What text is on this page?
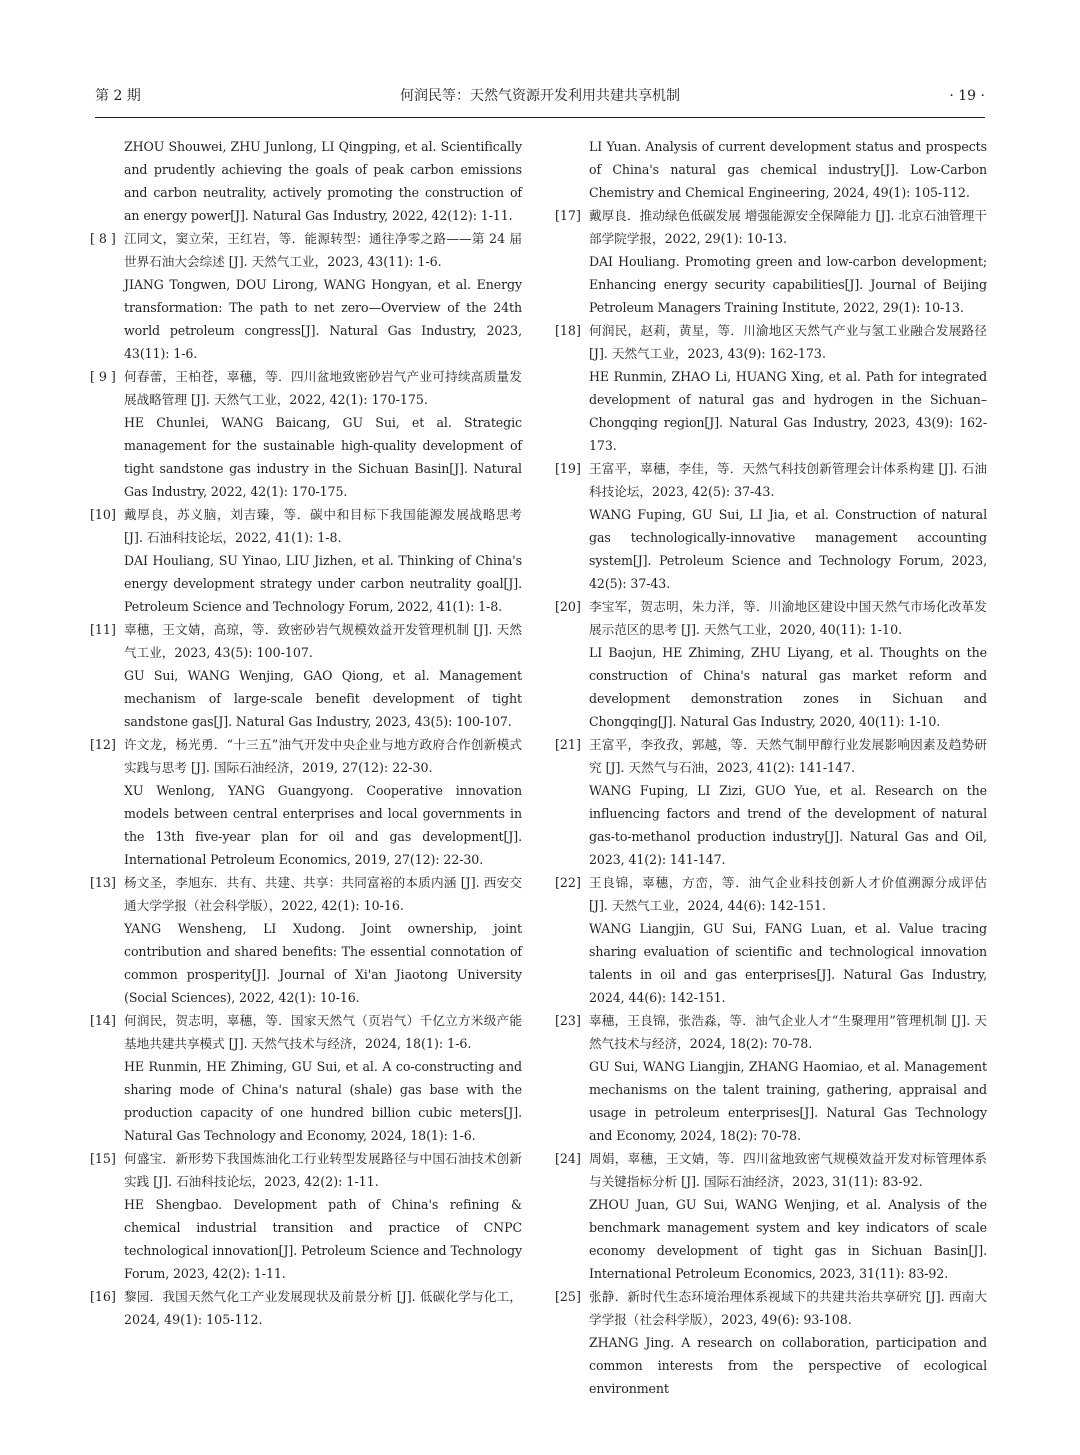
第 2 期	何润民等：天然气资源开发利用共建共享机制	· 19 ·
ZHOU Shouwei, ZHU Junlong, LI Qingping, et al. Scientifically and prudently achieving the goals of peak carbon emissions and carbon neutrality, actively promoting the construction of an energy power[J]. Natural Gas Industry, 2022, 42(12): 1-11.
[ 8 ] 江同文，窦立荣，王红岩，等．能源转型：通往净零之路——第 24 届世界石油大会综述 [J]. 天然气工业，2023, 43(11): 1-6.
JIANG Tongwen, DOU Lirong, WANG Hongyan, et al. Energy transformation: The path to net zero—Overview of the 24th world petroleum congress[J]. Natural Gas Industry, 2023, 43(11): 1-6.
[ 9 ] 何春蕾，王柏苍，辜穗，等．四川盆地致密砂岩气产业可持续高质量发展战略管理 [J]. 天然气工业，2022, 42(1): 170-175.
HE Chunlei, WANG Baicang, GU Sui, et al. Strategic management for the sustainable high-quality development of tight sandstone gas industry in the Sichuan Basin[J]. Natural Gas Industry, 2022, 42(1): 170-175.
[10] 戴厚良，苏义脑，刘吉臻，等．碳中和目标下我国能源发展战略思考 [J]. 石油科技论坛，2022, 41(1): 1-8.
DAI Houliang, SU Yinao, LIU Jizhen, et al. Thinking of China's energy development strategy under carbon neutrality goal[J]. Petroleum Science and Technology Forum, 2022, 41(1): 1-8.
[11] 辜穗，王文婧，高琼，等．致密砂岩气规模效益开发管理机制 [J]. 天然气工业，2023, 43(5): 100-107.
GU Sui, WANG Wenjing, GAO Qiong, et al. Management mechanism of large-scale benefit development of tight sandstone gas[J]. Natural Gas Industry, 2023, 43(5): 100-107.
[12] 许文龙，杨光勇．“十三五”油气开发中央企业与地方政府合作创新模式实践与思考 [J]. 国际石油经济，2019, 27(12): 22-30.
XU Wenlong, YANG Guangyong. Cooperative innovation models between central enterprises and local governments in the 13th five-year plan for oil and gas development[J]. International Petroleum Economics, 2019, 27(12): 22-30.
[13] 杨文圣，李旭东．共有、共建、共享：共同富裕的本质内涵 [J]. 西安交通大学学报（社会科学版），2022, 42(1): 10-16.
YANG Wensheng, LI Xudong. Joint ownership, joint contribution and shared benefits: The essential connotation of common prosperity[J]. Journal of Xi'an Jiaotong University (Social Sciences), 2022, 42(1): 10-16.
[14] 何润民，贺志明，辜穗，等．国家天然气（页岩气）千亿立方米级产能基地共建共享模式 [J]. 天然气技术与经济，2024, 18(1): 1-6.
HE Runmin, HE Zhiming, GU Sui, et al. A co-constructing and sharing mode of China's natural (shale) gas base with the production capacity of one hundred billion cubic meters[J]. Natural Gas Technology and Economy, 2024, 18(1): 1-6.
[15] 何盛宝．新形势下我国炼油化工行业转型发展路径与中国石油技术创新实践 [J]. 石油科技论坛，2023, 42(2): 1-11.
HE Shengbao. Development path of China's refining & chemical industrial transition and practice of CNPC technological innovation[J]. Petroleum Science and Technology Forum, 2023, 42(2): 1-11.
[16] 黎园．我国天然气化工产业发展现状及前景分析 [J]. 低碳化学与化工，2024, 49(1): 105-112.
LI Yuan. Analysis of current development status and prospects of China's natural gas chemical industry[J]. Low-Carbon Chemistry and Chemical Engineering, 2024, 49(1): 105-112.
[17] 戴厚良．推动绿色低碳发展 增强能源安全保障能力 [J]. 北京石油管理干部学院学报，2022, 29(1): 10-13.
DAI Houliang. Promoting green and low-carbon development; Enhancing energy security capabilities[J]. Journal of Beijing Petroleum Managers Training Institute, 2022, 29(1): 10-13.
[18] 何润民，赵莉，黄星，等．川渝地区天然气产业与氢工业融合发展路径 [J]. 天然气工业，2023, 43(9): 162-173.
HE Runmin, ZHAO Li, HUANG Xing, et al. Path for integrated development of natural gas and hydrogen in the Sichuan–Chongqing region[J]. Natural Gas Industry, 2023, 43(9): 162-173.
[19] 王富平，辜穗，李佳，等．天然气科技创新管理会计体系构建 [J]. 石油科技论坛，2023, 42(5): 37-43.
WANG Fuping, GU Sui, LI Jia, et al. Construction of natural gas technologically-innovative management accounting system[J]. Petroleum Science and Technology Forum, 2023, 42(5): 37-43.
[20] 李宝军，贺志明，朱力洋，等．川渝地区建设中国天然气市场化改革发展示范区的思考 [J]. 天然气工业，2020, 40(11): 1-10.
LI Baojun, HE Zhiming, ZHU Liyang, et al. Thoughts on the construction of China's natural gas market reform and development demonstration zones in Sichuan and Chongqing[J]. Natural Gas Industry, 2020, 40(11): 1-10.
[21] 王富平，李孜孜，郭越，等．天然气制甲醇行业发展影响因素及趋势研究 [J]. 天然气与石油，2023, 41(2): 141-147.
WANG Fuping, LI Zizi, GUO Yue, et al. Research on the influencing factors and trend of the development of natural gas-to-methanol production industry[J]. Natural Gas and Oil, 2023, 41(2): 141-147.
[22] 王良锦，辜穗，方峦，等．油气企业科技创新人才价值溯源分成评估 [J]. 天然气工业，2024, 44(6): 142-151.
WANG Liangjin, GU Sui, FANG Luan, et al. Value tracing sharing evaluation of scientific and technological innovation talents in oil and gas enterprises[J]. Natural Gas Industry, 2024, 44(6): 142-151.
[23] 辜穗，王良锦，张浩淼，等．油气企业人才“生聚理用”管理机制 [J]. 天然气技术与经济，2024, 18(2): 70-78.
GU Sui, WANG Liangjin, ZHANG Haomiao, et al. Management mechanisms on the talent training, gathering, appraisal and usage in petroleum enterprises[J]. Natural Gas Technology and Economy, 2024, 18(2): 70-78.
[24] 周娟，辜穗，王文婧，等．四川盆地致密气规模效益开发对标管理体系与关键指标分析 [J]. 国际石油经济，2023, 31(11): 83-92.
ZHOU Juan, GU Sui, WANG Wenjing, et al. Analysis of the benchmark management system and key indicators of scale economy development of tight gas in Sichuan Basin[J]. International Petroleum Economics, 2023, 31(11): 83-92.
[25] 张静．新时代生态环境治理体系视域下的共建共治共享研究 [J]. 西南大学学报（社会科学版），2023, 49(6): 93-108.
ZHANG Jing. A research on collaboration, participation and common interests from the perspective of ecological environment
